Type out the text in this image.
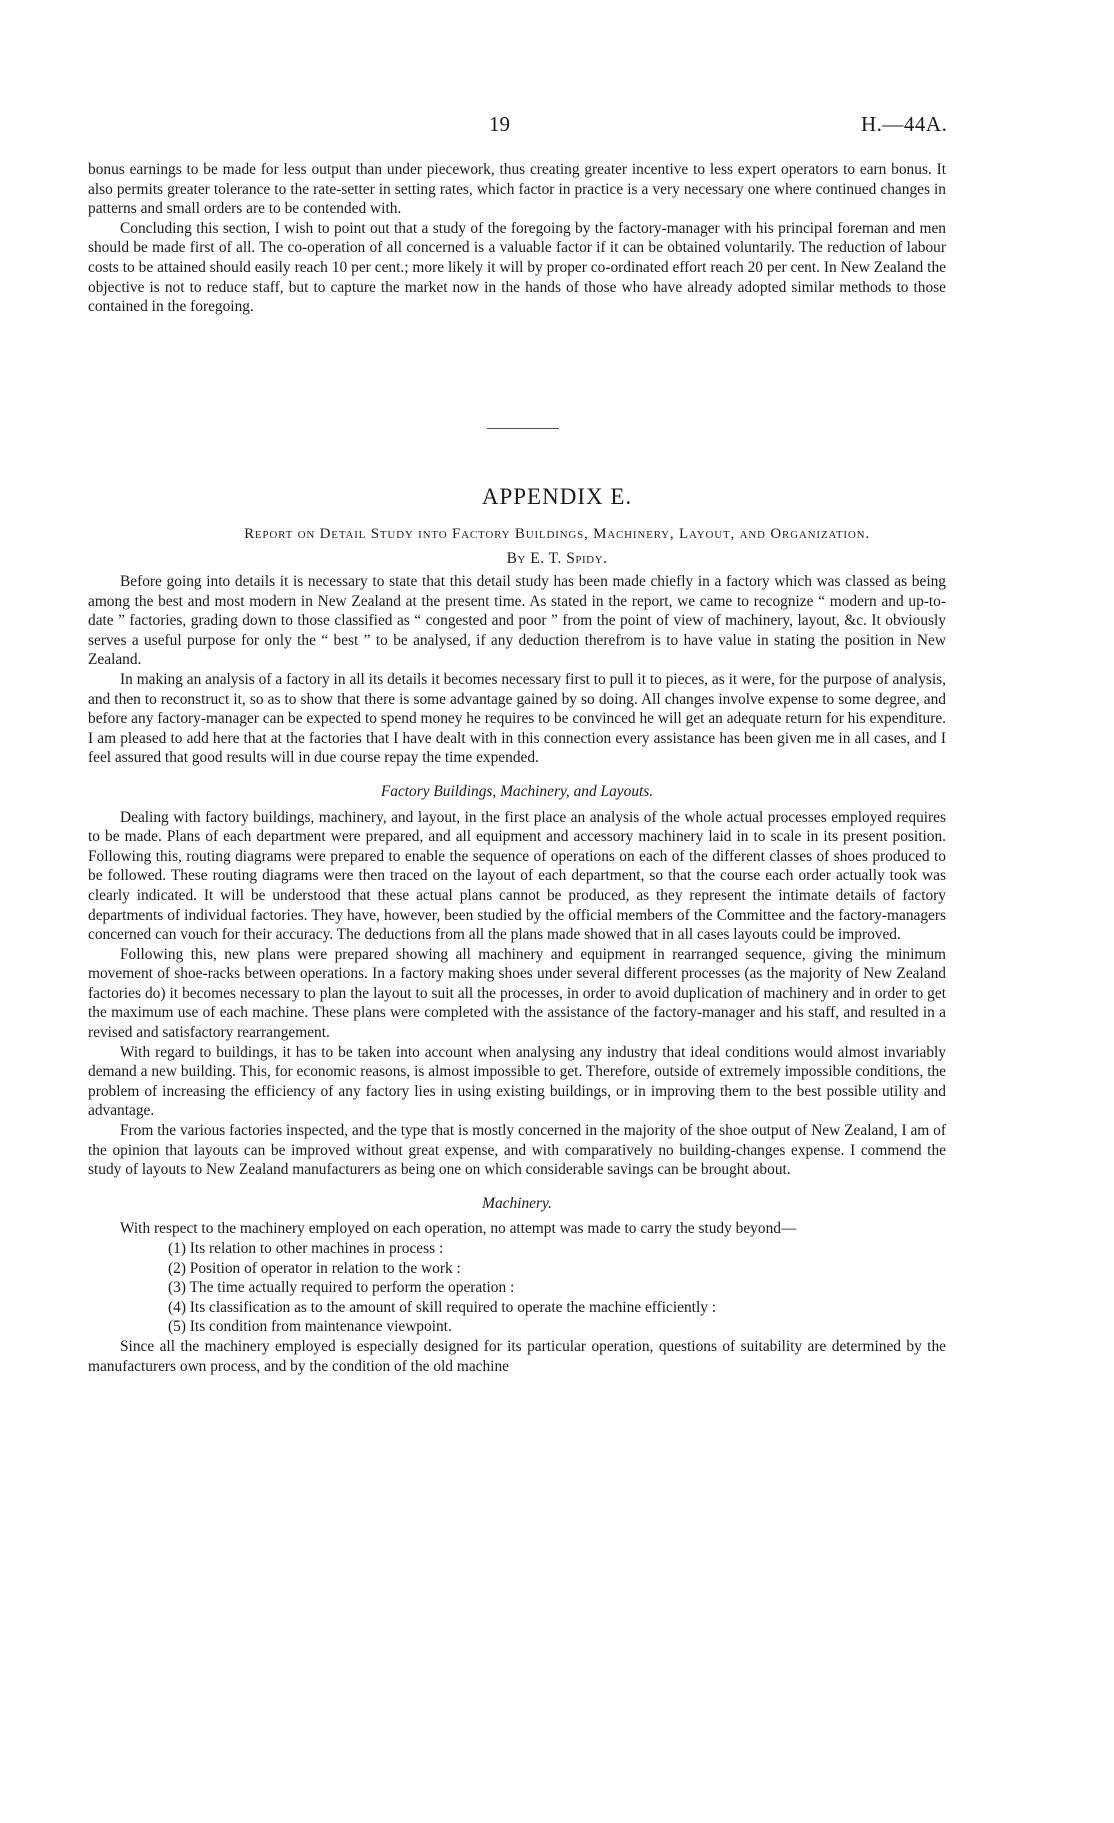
19	H.—44A.

bonus earnings to be made for less output than under piecework, thus creating greater incentive to less expert operators to earn bonus. It also permits greater tolerance to the rate-setter in setting rates, which factor in practice is a very necessary one where continued changes in patterns and small orders are to be contended with.

Concluding this section, I wish to point out that a study of the foregoing by the factory-manager with his principal foreman and men should be made first of all. The co-operation of all concerned is a valuable factor if it can be obtained voluntarily. The reduction of labour costs to be attained should easily reach 10 per cent.; more likely it will by proper co-ordinated effort reach 20 per cent. In New Zealand the objective is not to reduce staff, but to capture the market now in the hands of those who have already adopted similar methods to those contained in the foregoing.

APPENDIX E.
Report on Detail Study into Factory Buildings, Machinery, Layout, and Organization.
By E. T. Spidy.

Before going into details it is necessary to state that this detail study has been made chiefly in a factory which was classed as being among the best and most modern in New Zealand at the present time. As stated in the report, we came to recognize “ modern and up-to-date ” factories, grading down to those classified as “ congested and poor ” from the point of view of machinery, layout, &c. It obviously serves a useful purpose for only the “ best ” to be analysed, if any deduction therefrom is to have value in stating the position in New Zealand.

In making an analysis of a factory in all its details it becomes necessary first to pull it to pieces, as it were, for the purpose of analysis, and then to reconstruct it, so as to show that there is some advantage gained by so doing. All changes involve expense to some degree, and before any factory-manager can be expected to spend money he requires to be convinced he will get an adequate return for his expenditure. I am pleased to add here that at the factories that I have dealt with in this connection every assistance has been given me in all cases, and I feel assured that good results will in due course repay the time expended.

Factory Buildings, Machinery, and Layouts.

Dealing with factory buildings, machinery, and layout, in the first place an analysis of the whole actual processes employed requires to be made. Plans of each department were prepared, and all equipment and accessory machinery laid in to scale in its present position. Following this, routing diagrams were prepared to enable the sequence of operations on each of the different classes of shoes produced to be followed. These routing diagrams were then traced on the layout of each department, so that the course each order actually took was clearly indicated. It will be understood that these actual plans cannot be produced, as they represent the intimate details of factory departments of individual factories. They have, however, been studied by the official members of the Committee and the factory-managers concerned can vouch for their accuracy. The deductions from all the plans made showed that in all cases layouts could be improved.

Following this, new plans were prepared showing all machinery and equipment in rearranged sequence, giving the minimum movement of shoe-racks between operations. In a factory making shoes under several different processes (as the majority of New Zealand factories do) it becomes necessary to plan the layout to suit all the processes, in order to avoid duplication of machinery and in order to get the maximum use of each machine. These plans were completed with the assistance of the factory-manager and his staff, and resulted in a revised and satisfactory rearrangement.

With regard to buildings, it has to be taken into account when analysing any industry that ideal conditions would almost invariably demand a new building. This, for economic reasons, is almost impossible to get. Therefore, outside of extremely impossible conditions, the problem of increasing the efficiency of any factory lies in using existing buildings, or in improving them to the best possible utility and advantage.

From the various factories inspected, and the type that is mostly concerned in the majority of the shoe output of New Zealand, I am of the opinion that layouts can be improved without great expense, and with comparatively no building-changes expense. I commend the study of layouts to New Zealand manufacturers as being one on which considerable savings can be brought about.

Machinery.

With respect to the machinery employed on each operation, no attempt was made to carry the study beyond—

(1) Its relation to other machines in process :
(2) Position of operator in relation to the work :
(3) The time actually required to perform the operation :
(4) Its classification as to the amount of skill required to operate the machine efficiently :
(5) Its condition from maintenance viewpoint.

Since all the machinery employed is especially designed for its particular operation, questions of suitability are determined by the manufacturers own process, and by the condition of the old machine
